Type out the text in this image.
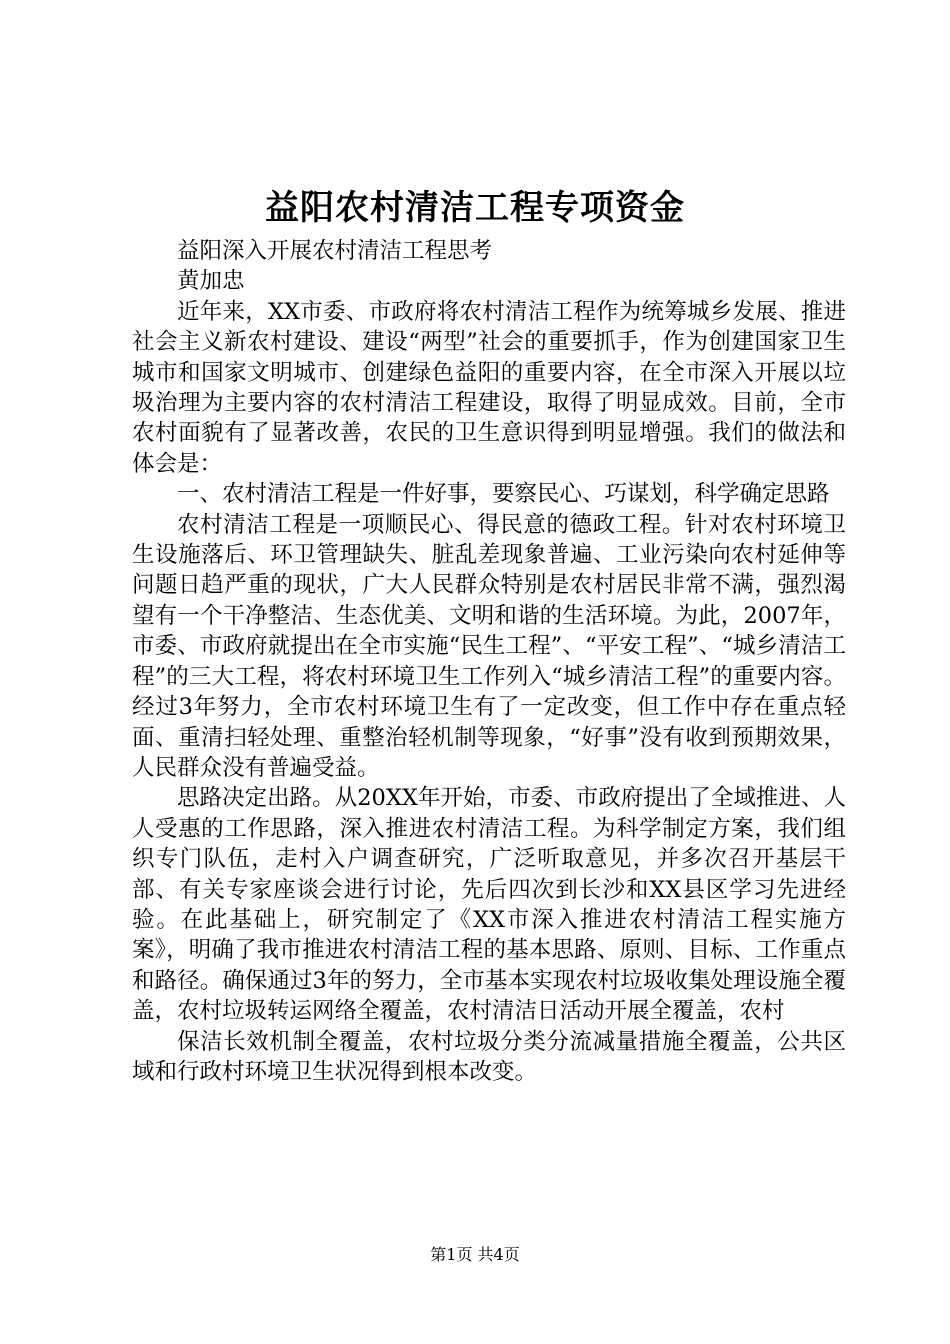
益阳农村清洁工程专项资金

益阳深入开展农村清洁工程思考

黄加忠

近年来，XX市委、市政府将农村清洁工程作为统筹城乡发展、推进社会主义新农村建设、建设“两型”社会的重要抓手，作为创建国家卫生城市和国家文明城市、创建绿色益阳的重要内容，在全市深入开展以垃圾治理为主要内容的农村清洁工程建设，取得了明显成效。目前，全市农村面貌有了显著改善，农民的卫生意识得到明显增强。我们的做法和体会是：

一、农村清洁工程是一件好事，要察民心、巧谋划，科学确定思路

农村清洁工程是一项顺民心、得民意的德政工程。针对农村环境卫生设施落后、环卫管理缺失、脏乱差现象普遍、工业污染向农村延伸等问题日趋严重的现状，广大人民群众特别是农村居民非常不满，强烈渴望有一个干净整洁、生态优美、文明和谐的生活环境。为此，2007年，市委、市政府就提出在全市实施“民生工程”、“平安工程”、“城乡清洁工程”的三大工程，将农村环境卫生工作列入“城乡清洁工程”的重要内容。经过3年努力，全市农村环境卫生有了一定改变，但工作中存在重点轻面、重清扫轻处理、重整治轻机制等现象，“好事”没有收到预期效果，人民群众没有普遍受益。

思路决定出路。从20XX年开始，市委、市政府提出了全域推进、人人受惠的工作思路，深入推进农村清洁工程。为科学制定方案，我们组织专门队伍，走村入户调查研究，广泛听取意见，并多次召开基层干部、有关专家座谈会进行讨论，先后四次到长沙和XX县区学习先进经验。在此基础上，研究制定了《XX市深入推进农村清洁工程实施方案》，明确了我市推进农村清洁工程的基本思路、原则、目标、工作重点和路径。确保通过3年的努力，全市基本实现农村垃圾收集处理设施全覆盖，农村垃圾转运网络全覆盖，农村清洁日活动开展全覆盖，农村

保洁长效机制全覆盖，农村垃圾分类分流减量措施全覆盖，公共区域和行政村环境卫生状况得到根本改变。

第1页 共4页
